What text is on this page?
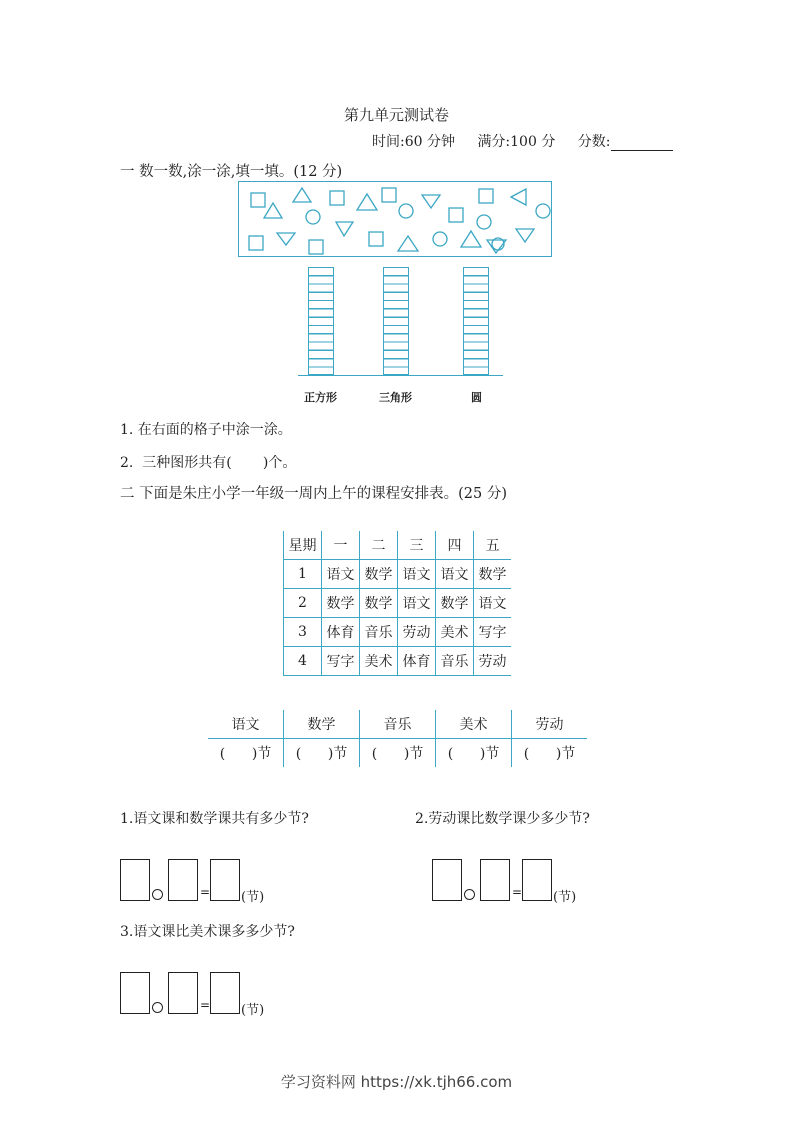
第九单元测试卷
时间:60 分钟 满分:100 分 分数:
一 数一数,涂一涂,填一填。(12 分)
正方形	三角形	圆
1. 在右面的格子中涂一涂。
2.  三种图形共有(       )个。
二 下面是朱庄小学一年级一周内上午的课程安排表。(25 分)
星期	一	二	三	四	五
1	语文	数学	语文	语文	数学
2	数学	数学	语文	数学	语文
3	体育	音乐	劳动	美术	写字
4	写字	美术	体育	音乐	劳动
语文	数学	音乐	美术	劳动
(      )节	(      )节	(      )节	(      )节	(      )节
1.语文课和数学课共有多少节?	2.劳动课比数学课少多少节?
= (节)	= (节)
3.语文课比美术课多多少节?
= (节)
学习资料网 https://xk.tjh66.com
